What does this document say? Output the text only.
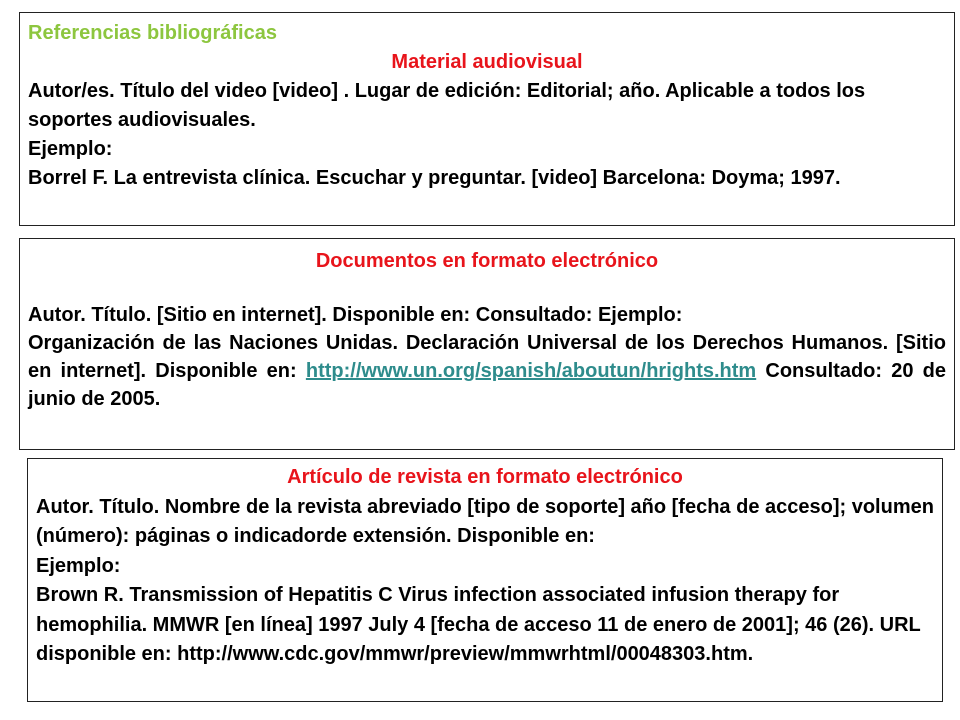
Referencias bibliográficas
Material audiovisual
Autor/es. Título del video [video] . Lugar de edición: Editorial; año. Aplicable a todos los soportes audiovisuales.
Ejemplo:
Borrel F. La entrevista clínica. Escuchar y preguntar. [video] Barcelona: Doyma; 1997.
Documentos en formato electrónico
Autor. Título. [Sitio en internet]. Disponible en: Consultado: Ejemplo:
Organización de las Naciones Unidas. Declaración Universal de los Derechos Humanos. [Sitio en internet]. Disponible en: http://www.un.org/spanish/aboutun/hrights.htm Consultado: 20 de junio de 2005.
Artículo de revista en formato electrónico
Autor. Título. Nombre de la revista abreviado [tipo de soporte] año [fecha de acceso]; volumen (número): páginas o indicadorde extensión. Disponible en:
Ejemplo:
Brown R. Transmission of Hepatitis C Virus infection associated infusion therapy for hemophilia. MMWR [en línea] 1997 July 4 [fecha de acceso 11 de enero de 2001]; 46 (26). URL disponible en: http://www.cdc.gov/mmwr/preview/mmwrhtml/00048303.htm.
